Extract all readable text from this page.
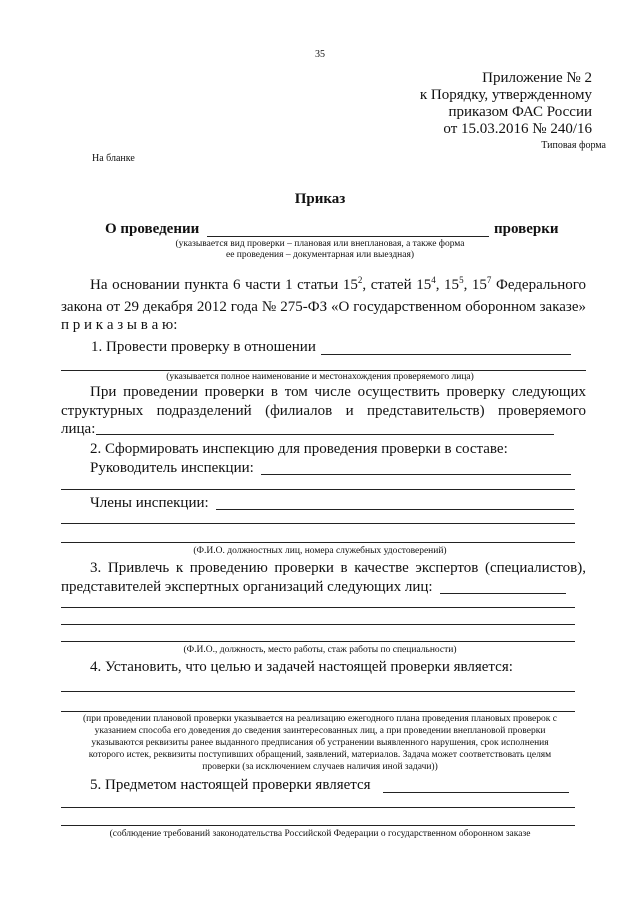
35
Приложение № 2
к Порядку, утвержденному
приказом ФАС России
от 15.03.2016 № 240/16
Типовая форма
На бланке
Приказ
О проведении	проверки
(указывается вид проверки – плановая или внеплановая, а также форма
ее проведения – документарная или выездная)
На основании пункта 6 части 1 статьи $15^2$, статей $15^4$, $15^5$, $15^7$ Федерального
закона от 29 декабря 2012 года № 275-ФЗ «О государственном оборонном заказе»
п р и к а з ы в а ю:
1. Провести проверку в отношении
(указывается полное наименование и местонахождения проверяемого лица)
При проведении проверки в том числе осуществить проверку следующих
структурных подразделений (филиалов и представительств) проверяемого
лица:
2. Сформировать инспекцию для проведения проверки в составе:
Руководитель инспекции:
Члены инспекции:
(Ф.И.О. должностных лиц, номера служебных удостоверений)
3. Привлечь к проведению проверки в качестве экспертов (специалистов),
представителей экспертных организаций следующих лиц:
(Ф.И.О., должность, место работы, стаж работы по специальности)
4. Установить, что целью и задачей настоящей проверки является:
(при проведении плановой проверки указывается на реализацию ежегодного плана проведения плановых проверок с
указанием способа его доведения до сведения заинтересованных лиц, а при проведении внеплановой проверки
указываются реквизиты ранее выданного предписания об устранении выявленного нарушения, срок исполнения
которого истек, реквизиты поступивших обращений, заявлений, материалов. Задача может соответствовать целям
проверки (за исключением случаев наличия иной задачи))
5. Предметом настоящей проверки является
(соблюдение требований законодательства Российской Федерации о государственном оборонном заказе
